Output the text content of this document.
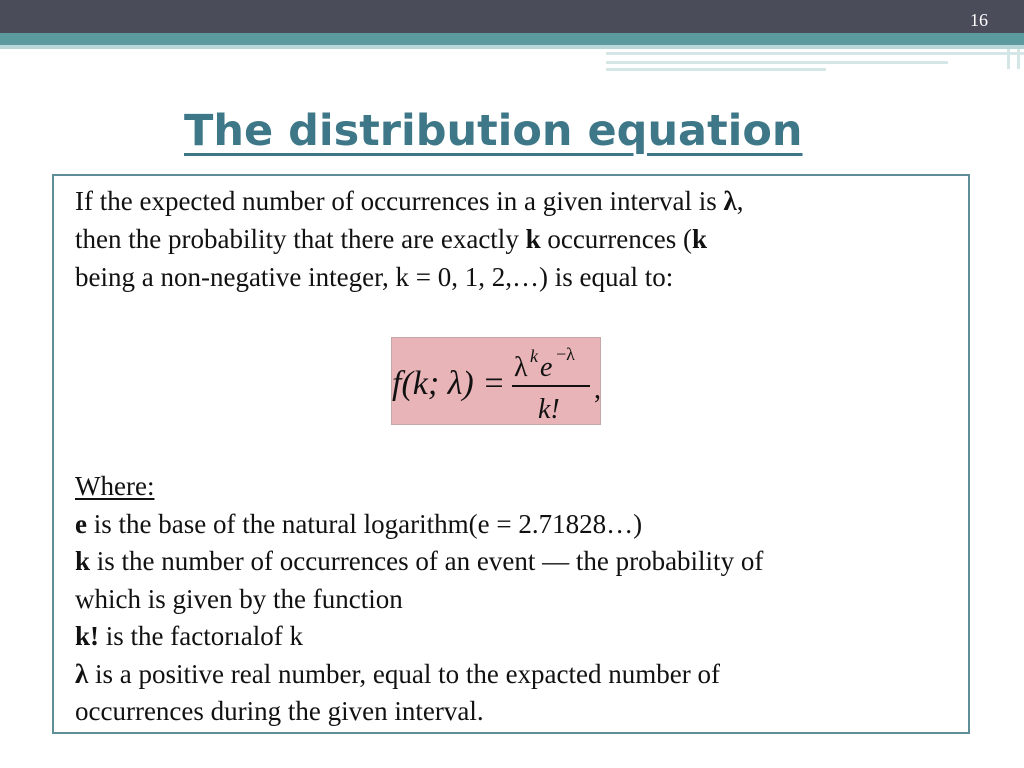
16
The distribution equation
If the expected number of occurrences in a given interval is λ,
then the probability that there are exactly k occurrences (k
being a non-negative integer, k = 0, 1, 2,…) is equal to:
f(k; λ) = λ k e −λ
k!
,
Where:
e is the base of the natural logarithm(e = 2.71828…)
k is the number of occurrences of an event — the probability of
which is given by the function
k! is the factorıalof k
λ is a positive real number, equal to the expacted number of
occurrences during the given interval.
